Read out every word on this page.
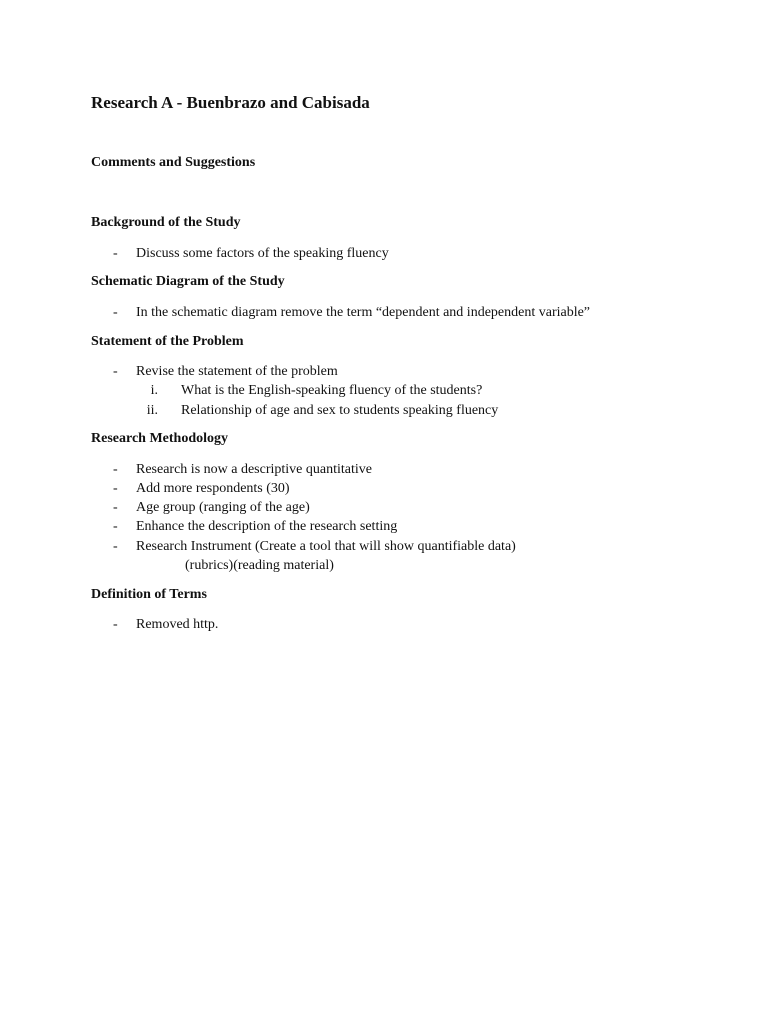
Research A - Buenbrazo and Cabisada
Comments and Suggestions
Background of the Study
- Discuss some factors of the speaking fluency
Schematic Diagram of the Study
- In the schematic diagram remove the term “dependent and independent variable”
Statement of the Problem
- Revise the statement of the problem
i. What is the English-speaking fluency of the students?
ii. Relationship of age and sex to students speaking fluency
Research Methodology
- Research is now a descriptive quantitative
- Add more respondents (30)
- Age group (ranging of the age)
- Enhance the description of the research setting
- Research Instrument (Create a tool that will show quantifiable data)
(rubrics)(reading material)
Definition of Terms
- Removed http.
